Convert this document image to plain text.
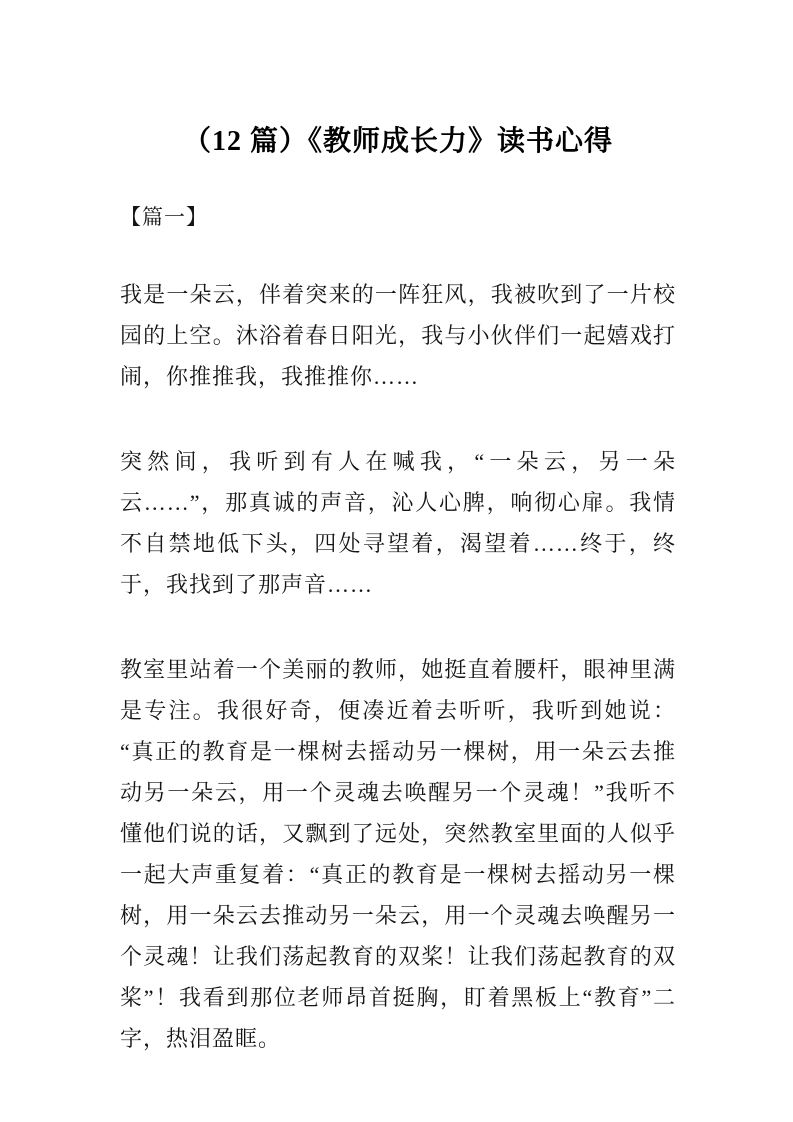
（12 篇）《教师成长力》读书心得
【篇一】

我是一朵云，伴着突来的一阵狂风，我被吹到了一片校园的上空。沐浴着春日阳光，我与小伙伴们一起嬉戏打闹，你推推我，我推推你……

突然间，我听到有人在喊我，“一朵云，另一朵云……”，那真诚的声音，沁人心脾，响彻心扉。我情不自禁地低下头，四处寻望着，渴望着……终于，终于，我找到了那声音……

教室里站着一个美丽的教师，她挺直着腰杆，眼神里满是专注。我很好奇，便凑近着去听听，我听到她说：“真正的教育是一棵树去摇动另一棵树，用一朵云去推动另一朵云，用一个灵魂去唤醒另一个灵魂！”我听不懂他们说的话，又飘到了远处，突然教室里面的人似乎一起大声重复着：“真正的教育是一棵树去摇动另一棵树，用一朵云去推动另一朵云，用一个灵魂去唤醒另一个灵魂！让我们荡起教育的双桨！让我们荡起教育的双桨”！我看到那位老师昂首挺胸，盯着黑板上“教育”二字，热泪盈眶。
